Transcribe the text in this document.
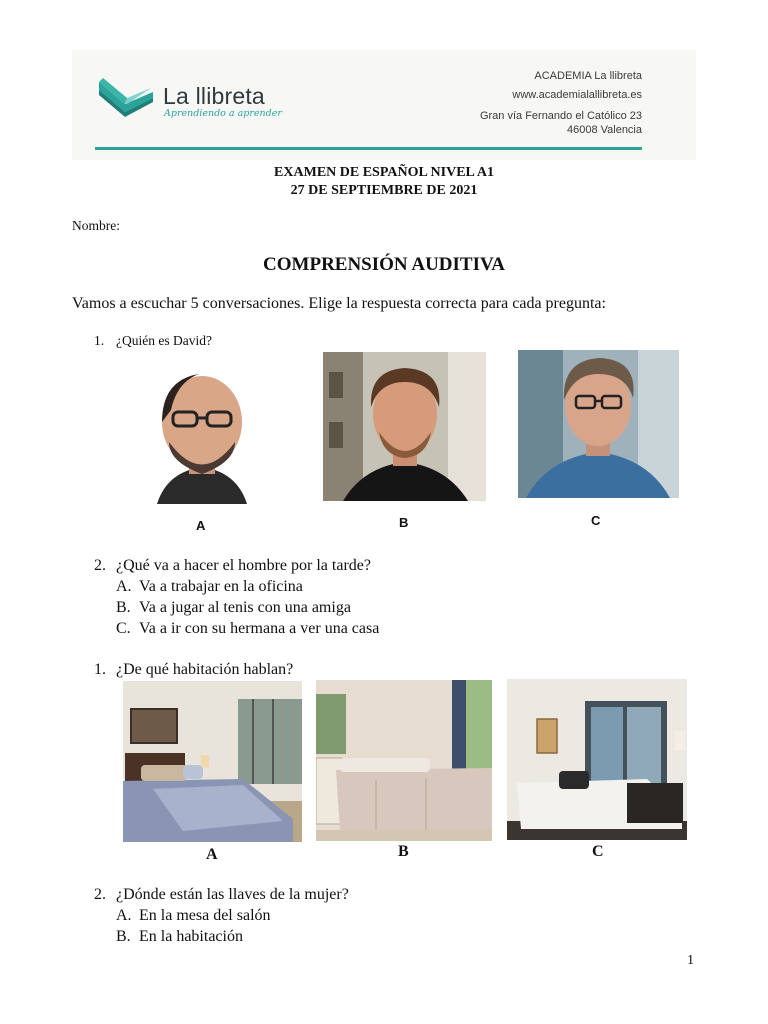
La llibreta
Aprendiendo a aprender
ACADEMIA La llibreta
www.academialallibreta.es
Gran vía Fernando el Católico 23
46008 Valencia
EXAMEN DE ESPAÑOL NIVEL A1
27 DE SEPTIEMBRE DE 2021
Nombre:
COMPRENSIÓN AUDITIVA
Vamos a escuchar 5 conversaciones. Elige la respuesta correcta para cada pregunta:
1. ¿Quién es David?
A	B	C
2. ¿Qué va a hacer el hombre por la tarde?
A. Va a trabajar en la oficina
B. Va a jugar al tenis con una amiga
C. Va a ir con su hermana a ver una casa
1. ¿De qué habitación hablan?
A	B	C
2. ¿Dónde están las llaves de la mujer?
A. En la mesa del salón
B. En la habitación
1
